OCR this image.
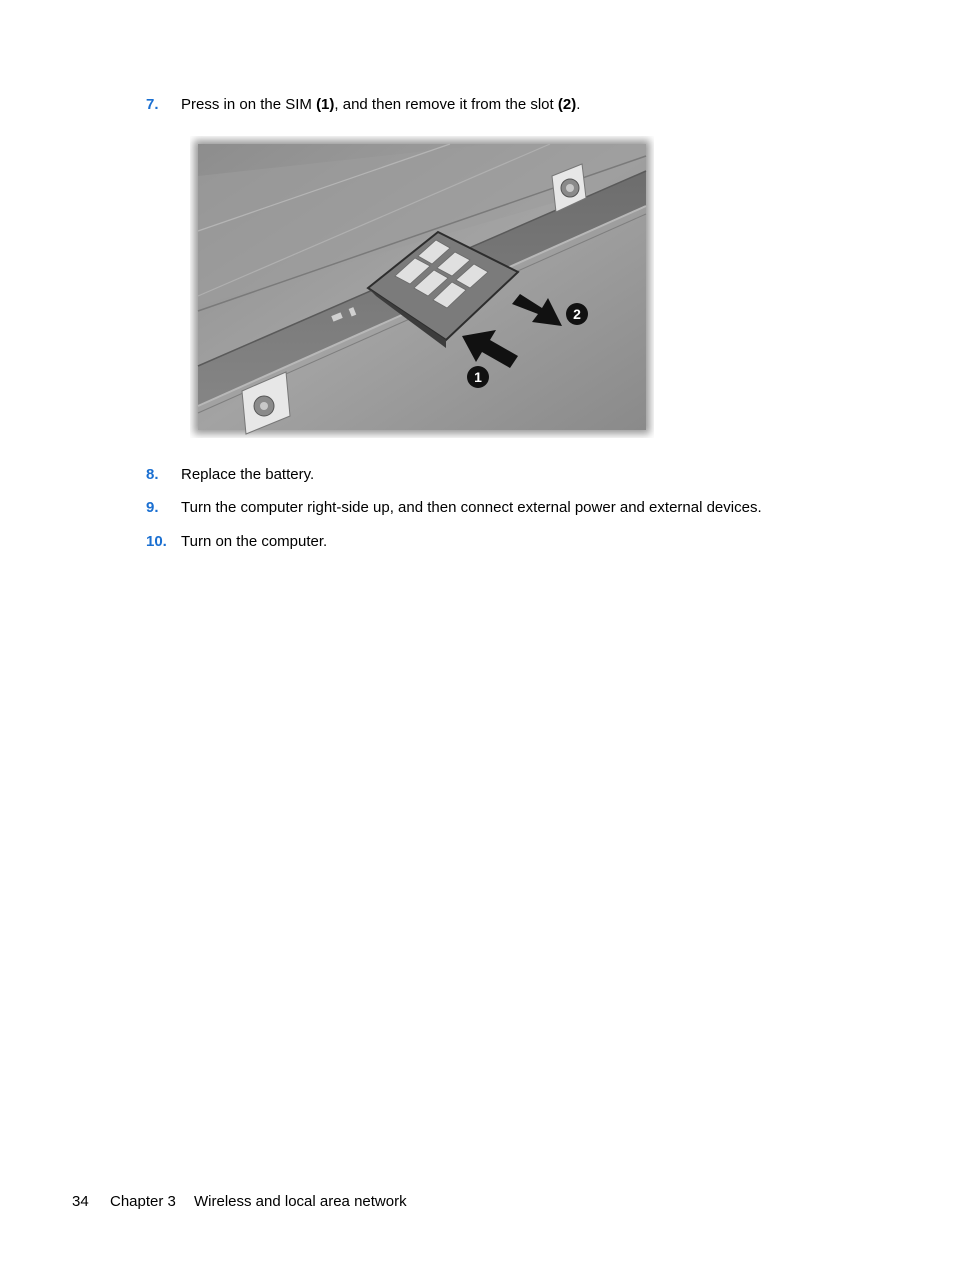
7. Press in on the SIM (1), and then remove it from the slot (2).
1
2
8. Replace the battery.
9. Turn the computer right-side up, and then connect external power and external devices.
10. Turn on the computer.
34 Chapter 3 Wireless and local area network
